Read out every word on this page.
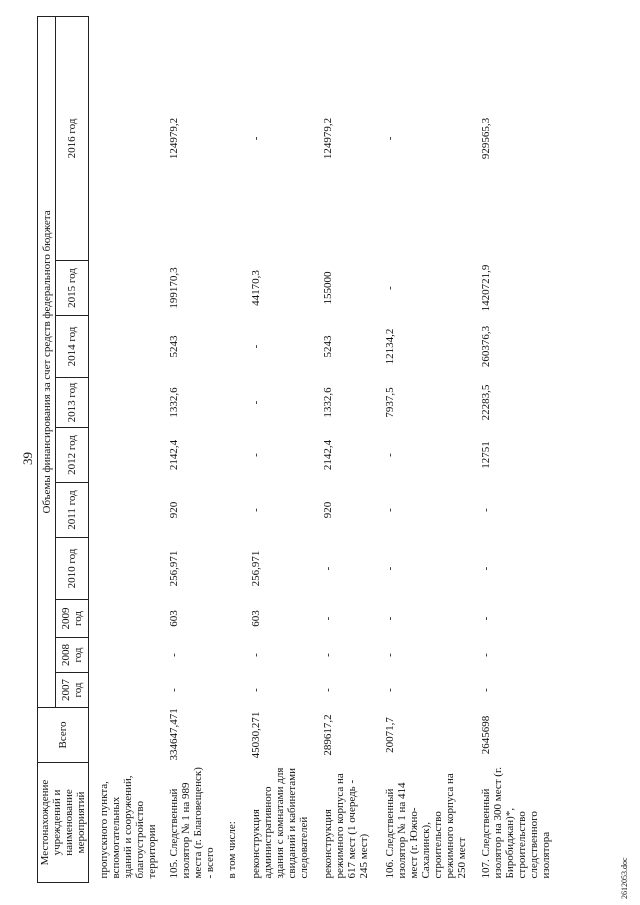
39
Местонахождение учреждений и наименование мероприятий	Всего	Объемы финансирования за счет средств федерального бюджета									
		2007 год	2008 год	2009 год	2010 год	2011 год	2012 год	2013 год	2014 год	2015 год	2016 год
пропускного пункта, вспомогательных зданий и сооружений, благоустройство территории											
105. Следственный изолятор № 1 на 989 места (г. Благовещенск) - всего	334647,471	-	-	603	256,971	920	2142,4	1332,6	5243	199170,3	124979,2
в том числе:											
реконструкция административного здания с комнатами для свиданий и кабинетами следователей	45030,271	-	-	603	256,971	-	-	-	-	44170,3	-
реконструкция режимного корпуса на 617 мест (1 очередь - 245 мест)	289617,2	-	-	-	-	920	2142,4	1332,6	5243	155000	124979,2
106. Следственный изолятор № 1 на 414 мест (г. Южно-Сахалинск), строительство режимного корпуса на 250 мест	20071,7	-	-	-	-	-	-	7937,5	12134,2	-	-
107. Следственный изолятор на 300 мест (г. Биробиджан)*, строительство следственного изолятора	2645698	-	-	-	-	-	12751	22283,5	260376,3	1420721,9	929565,3
2612053.doc
